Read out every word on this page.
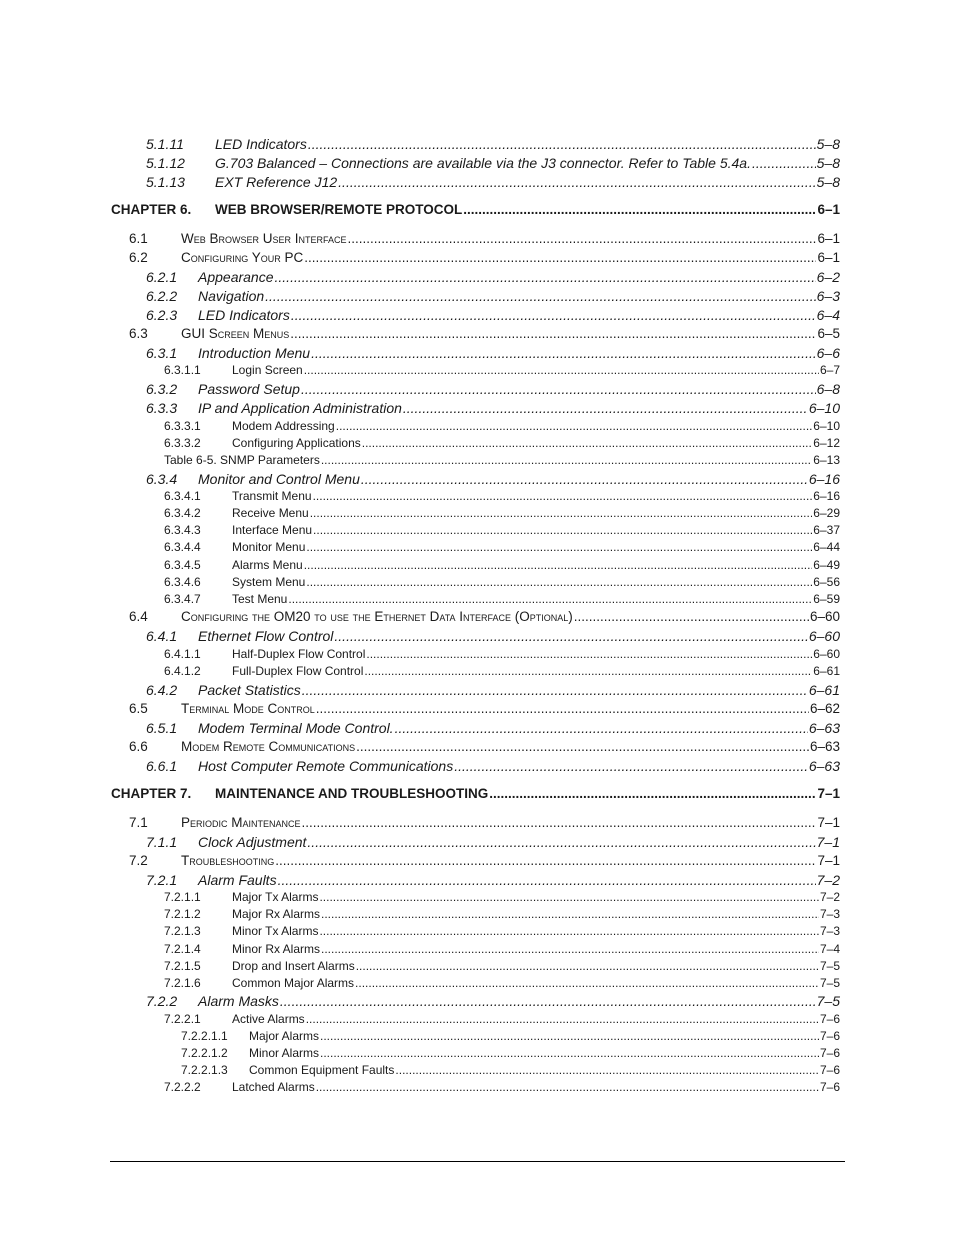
5.1.11	LED Indicators .....	5–8
5.1.12	G.703 Balanced – Connections are available via the J3 connector. Refer to Table 5.4a. .....	5–8
5.1.13	EXT Reference J12 .....	5–8
CHAPTER 6.	WEB BROWSER/REMOTE PROTOCOL .....	6–1
6.1	Web Browser User Interface .....	6–1
6.2	Configuring Your PC .....	6–1
6.2.1	Appearance .....	6–2
6.2.2	Navigation .....	6–3
6.2.3	LED Indicators .....	6–4
6.3	GUI Screen Menus .....	6–5
6.3.1	Introduction Menu .....	6–6
6.3.1.1	Login Screen .....	6–7
6.3.2	Password Setup .....	6–8
6.3.3	IP and Application Administration .....	6–10
6.3.3.1	Modem Addressing .....	6–10
6.3.3.2	Configuring Applications .....	6–12
Table 6-5. SNMP Parameters .....	6–13
6.3.4	Monitor and Control Menu .....	6–16
6.3.4.1	Transmit Menu .....	6–16
6.3.4.2	Receive Menu .....	6–29
6.3.4.3	Interface Menu .....	6–37
6.3.4.4	Monitor Menu .....	6–44
6.3.4.5	Alarms Menu .....	6–49
6.3.4.6	System Menu .....	6–56
6.3.4.7	Test Menu .....	6–59
6.4	Configuring the OM20 to use the Ethernet Data Interface (Optional) .....	6–60
6.4.1	Ethernet Flow Control .....	6–60
6.4.1.1	Half-Duplex Flow Control .....	6–60
6.4.1.2	Full-Duplex Flow Control .....	6–61
6.4.2	Packet Statistics .....	6–61
6.5	Terminal Mode Control .....	6–62
6.5.1	Modem Terminal Mode Control. .....	6–63
6.6	Modem Remote Communications .....	6–63
6.6.1	Host Computer Remote Communications .....	6–63
CHAPTER 7.	MAINTENANCE AND TROUBLESHOOTING .....	7–1
7.1	Periodic Maintenance .....	7–1
7.1.1	Clock Adjustment .....	7–1
7.2	Troubleshooting .....	7–1
7.2.1	Alarm Faults .....	7–2
7.2.1.1	Major Tx Alarms .....	7–2
7.2.1.2	Major Rx Alarms .....	7–3
7.2.1.3	Minor Tx Alarms .....	7–3
7.2.1.4	Minor Rx Alarms .....	7–4
7.2.1.5	Drop and Insert Alarms .....	7–5
7.2.1.6	Common Major Alarms .....	7–5
7.2.2	Alarm Masks .....	7–5
7.2.2.1	Active Alarms .....	7–6
7.2.2.1.1	Major Alarms .....	7–6
7.2.2.1.2	Minor Alarms .....	7–6
7.2.2.1.3	Common Equipment Faults .....	7–6
7.2.2.2	Latched Alarms .....	7–6
